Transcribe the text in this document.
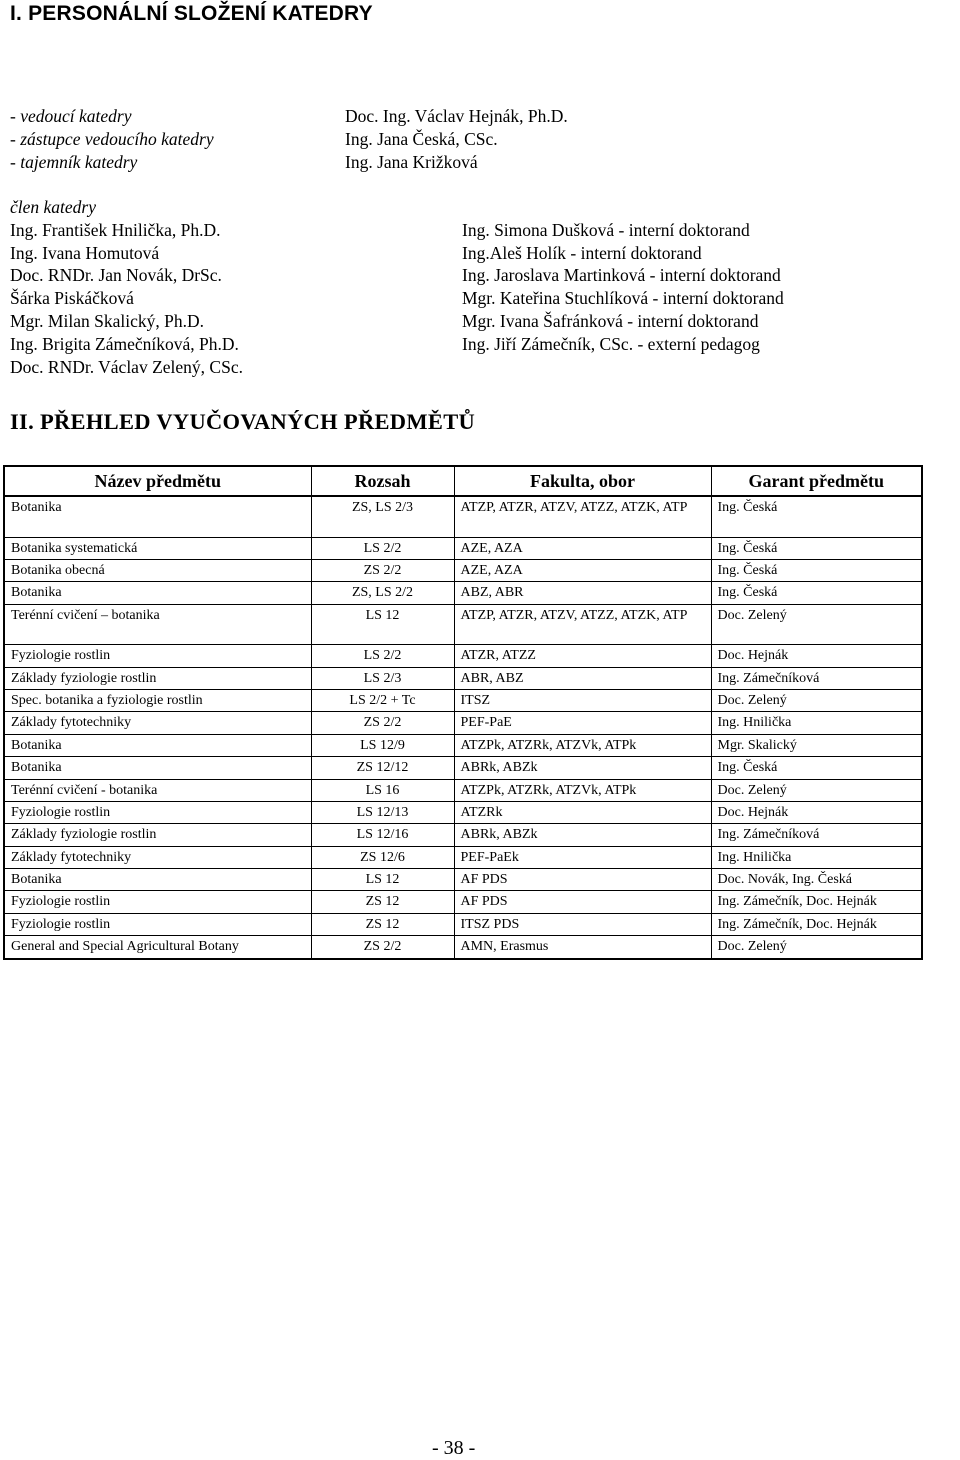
I. PERSONÁLNÍ SLOŽENÍ KATEDRY
- vedoucí katedry	Doc. Ing. Václav Hejnák, Ph.D.
- zástupce vedoucího katedry	Ing. Jana Česká, CSc.
- tajemník katedry	Ing. Jana Križková
člen katedry
Ing. František Hnilička, Ph.D.
Ing. Ivana Homutová
Doc. RNDr. Jan Novák, DrSc.
Šárka Piskáčková
Mgr. Milan Skalický, Ph.D.
Ing. Brigita Zámečníková, Ph.D.
Doc. RNDr. Václav Zelený, CSc.
Ing. Simona Dušková - interní doktorand
Ing.Aleš Holík - interní doktorand
Ing. Jaroslava Martinková - interní doktorand
Mgr. Kateřina Stuchlíková - interní doktorand
Mgr. Ivana Šafránková - interní doktorand
Ing. Jiří Zámečník, CSc. - externí pedagog
II. PŘEHLED VYUČOVANÝCH PŘEDMĚTŮ
Název předmětu	Rozsah	Fakulta, obor	Garant předmětu
Botanika	ZS, LS 2/3	ATZP, ATZR, ATZV, ATZZ, ATZK, ATP	Ing. Česká
Botanika systematická	LS 2/2	AZE, AZA	Ing. Česká
Botanika obecná	ZS 2/2	AZE, AZA	Ing. Česká
Botanika	ZS, LS 2/2	ABZ, ABR	Ing. Česká
Terénní cvičení – botanika	LS 12	ATZP, ATZR, ATZV, ATZZ, ATZK, ATP	Doc. Zelený
Fyziologie rostlin	LS 2/2	ATZR, ATZZ	Doc. Hejnák
Základy fyziologie rostlin	LS 2/3	ABR, ABZ	Ing. Zámečníková
Spec. botanika a fyziologie rostlin	LS 2/2 + Tc	ITSZ	Doc. Zelený
Základy fytotechniky	ZS 2/2	PEF-PaE	Ing. Hnilička
Botanika	LS 12/9	ATZPk, ATZRk, ATZVk, ATPk	Mgr. Skalický
Botanika	ZS 12/12	ABRk, ABZk	Ing. Česká
Terénní cvičení - botanika	LS 16	ATZPk, ATZRk, ATZVk, ATPk	Doc. Zelený
Fyziologie rostlin	LS 12/13	ATZRk	Doc. Hejnák
Základy fyziologie rostlin	LS 12/16	ABRk, ABZk	Ing. Zámečníková
Základy fytotechniky	ZS 12/6	PEF-PaEk	Ing. Hnilička
Botanika	LS 12	AF PDS	Doc. Novák, Ing. Česká
Fyziologie rostlin	ZS 12	AF PDS	Ing. Zámečník, Doc. Hejnák
Fyziologie rostlin	ZS 12	ITSZ PDS	Ing. Zámečník, Doc. Hejnák
General and Special Agricultural Botany	ZS 2/2	AMN, Erasmus	Doc. Zelený
- 38 -
